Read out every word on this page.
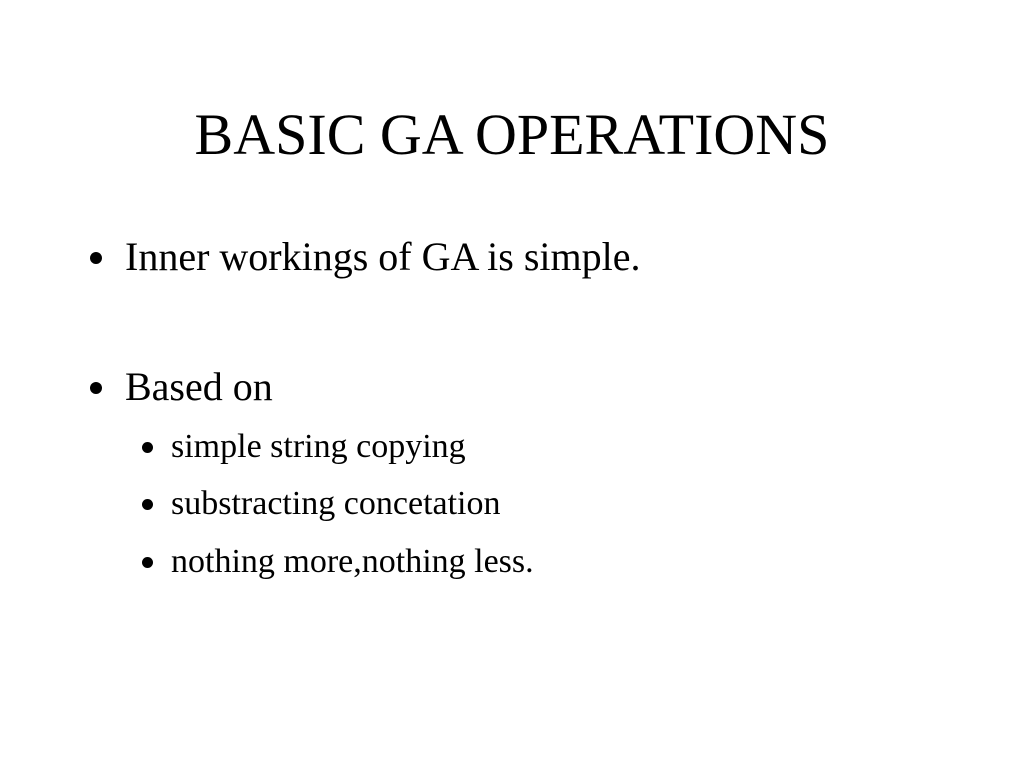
BASIC GA OPERATIONS
Inner workings of GA is simple.
Based on
simple string copying
substracting concetation
nothing more,nothing less.
